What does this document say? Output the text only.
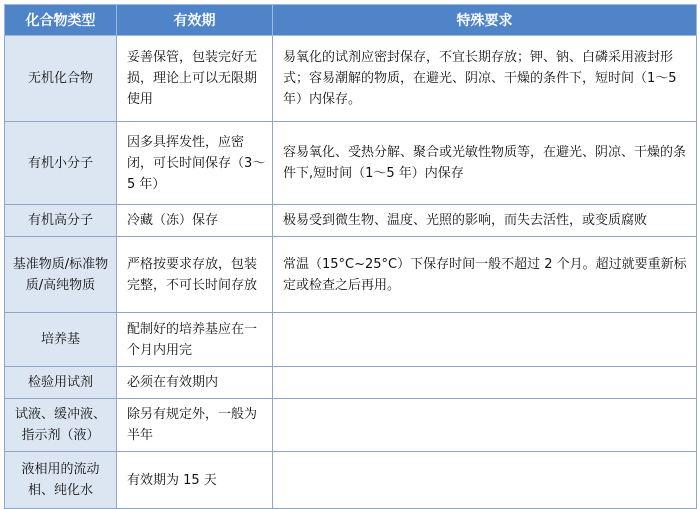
化合物类型	有效期	特殊要求
无机化合物	妥善保管，包装完好无损，理论上可以无限期使用	易氧化的试剂应密封保存，不宜长期存放；钾、钠、白磷采用液封形式；容易潮解的物质，在避光、阴凉、干燥的条件下，短时间（1～5 年）内保存。
有机小分子	因多具挥发性，应密闭，可长时间保存（3～5 年）	容易氧化、受热分解、聚合或光敏性物质等，在避光、阴凉、干燥的条件下,短时间（1～5 年）内保存
有机高分子	冷藏（冻）保存	极易受到微生物、温度、光照的影响，而失去活性，或变质腐败
基准物质/标准物质/高纯物质	严格按要求存放，包装完整，不可长时间存放	常温（15°C~25°C）下保存时间一般不超过 2 个月。超过就要重新标定或检查之后再用。
培养基	配制好的培养基应在一个月内用完	
检验用试剂	必须在有效期内	
试液、缓冲液、指示剂（液）	除另有规定外，一般为半年	
液相用的流动相、纯化水	有效期为 15 天	
